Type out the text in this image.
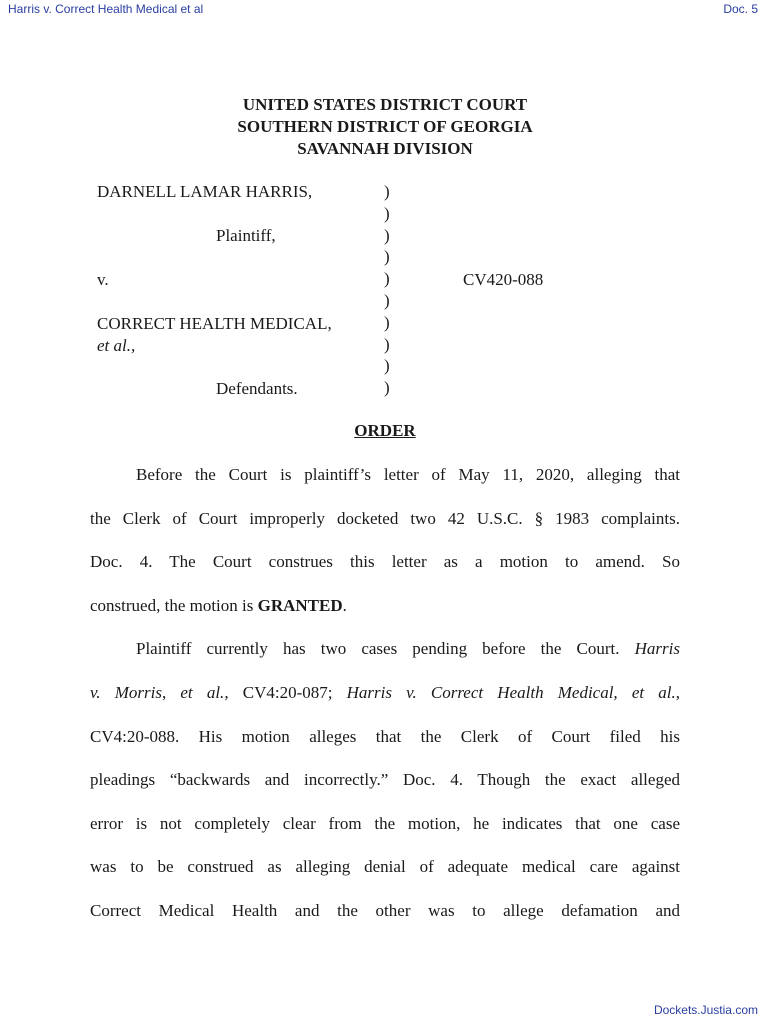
Harris v. Correct Health Medical et al	Doc. 5
UNITED STATES DISTRICT COURT
SOUTHERN DISTRICT OF GEORGIA
SAVANNAH DIVISION
DARNELL LAMAR HARRIS,
Plaintiff,
v.	CV420-088
CORRECT HEALTH MEDICAL,
et al.,
Defendants.
)
)
)
)
)
)
)
)
)
)
ORDER
Before the Court is plaintiff’s letter of May 11, 2020, alleging that
the Clerk of Court improperly docketed two 42 U.S.C. § 1983 complaints.
Doc. 4. The Court construes this letter as a motion to amend. So
construed, the motion is GRANTED.
Plaintiff currently has two cases pending before the Court. Harris
v. Morris, et al., CV4:20-087; Harris v. Correct Health Medical, et al.,
CV4:20-088. His motion alleges that the Clerk of Court filed his
pleadings “backwards and incorrectly.” Doc. 4. Though the exact alleged
error is not completely clear from the motion, he indicates that one case
was to be construed as alleging denial of adequate medical care against
Correct Medical Health and the other was to allege defamation and
Dockets.Justia.com
